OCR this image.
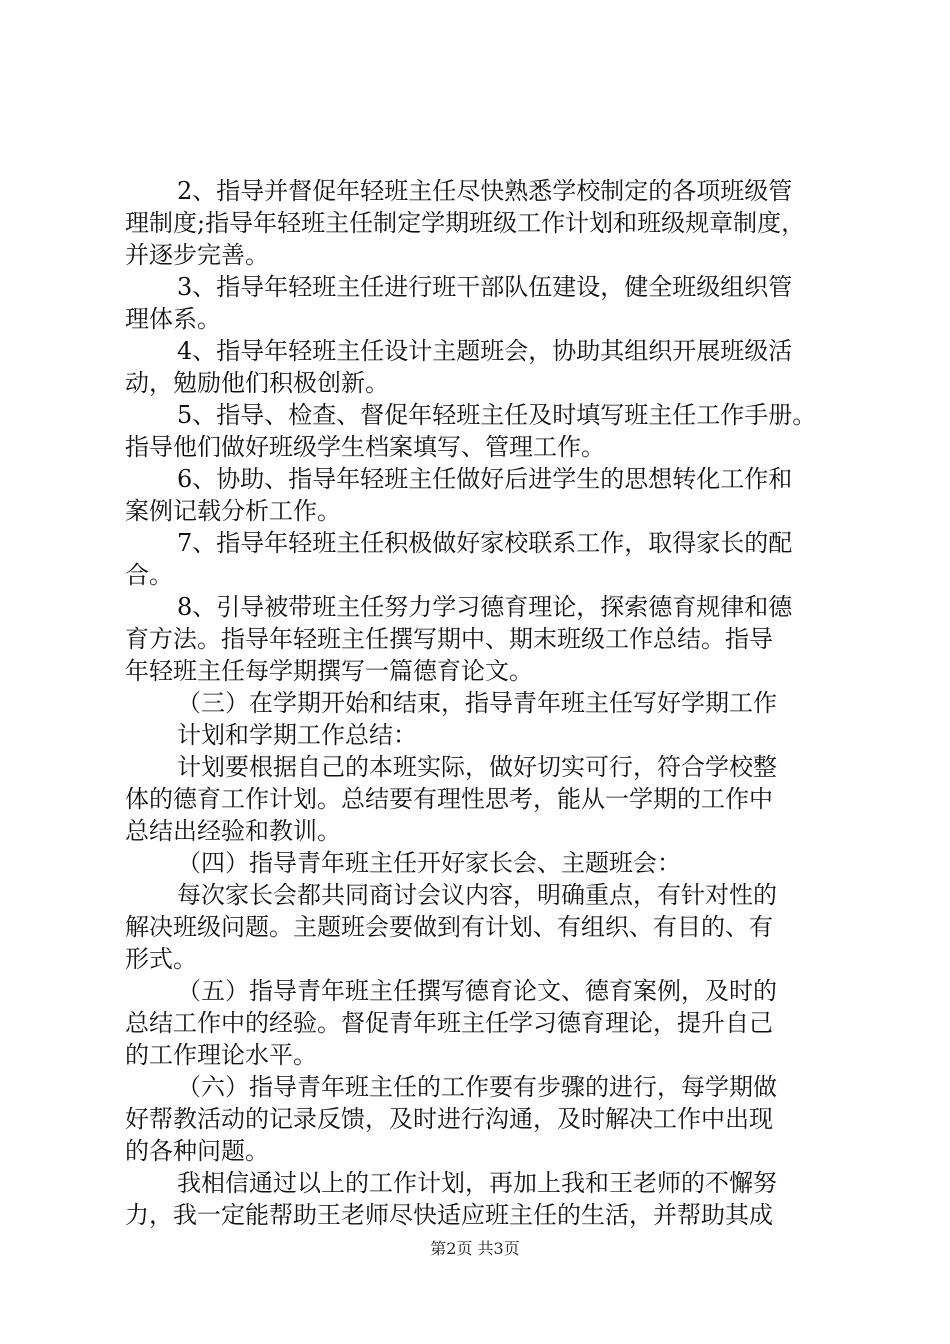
2、指导并督促年轻班主任尽快熟悉学校制定的各项班级管
理制度;指导年轻班主任制定学期班级工作计划和班级规章制度，
并逐步完善。
3、指导年轻班主任进行班干部队伍建设，健全班级组织管
理体系。
4、指导年轻班主任设计主题班会，协助其组织开展班级活
动，勉励他们积极创新。
5、指导、检查、督促年轻班主任及时填写班主任工作手册。
指导他们做好班级学生档案填写、管理工作。
6、协助、指导年轻班主任做好后进学生的思想转化工作和
案例记载分析工作。
7、指导年轻班主任积极做好家校联系工作，取得家长的配
合。
8、引导被带班主任努力学习德育理论，探索德育规律和德
育方法。指导年轻班主任撰写期中、期末班级工作总结。指导
年轻班主任每学期撰写一篇德育论文。
（三）在学期开始和结束，指导青年班主任写好学期工作
计划和学期工作总结：
计划要根据自己的本班实际，做好切实可行，符合学校整
体的德育工作计划。总结要有理性思考，能从一学期的工作中
总结出经验和教训。
（四）指导青年班主任开好家长会、主题班会：
每次家长会都共同商讨会议内容，明确重点，有针对性的
解决班级问题。主题班会要做到有计划、有组织、有目的、有
形式。
（五）指导青年班主任撰写德育论文、德育案例，及时的
总结工作中的经验。督促青年班主任学习德育理论，提升自己
的工作理论水平。
（六）指导青年班主任的工作要有步骤的进行，每学期做
好帮教活动的记录反馈，及时进行沟通，及时解决工作中出现
的各种问题。
我相信通过以上的工作计划，再加上我和王老师的不懈努
力，我一定能帮助王老师尽快适应班主任的生活，并帮助其成
第2页 共3页
